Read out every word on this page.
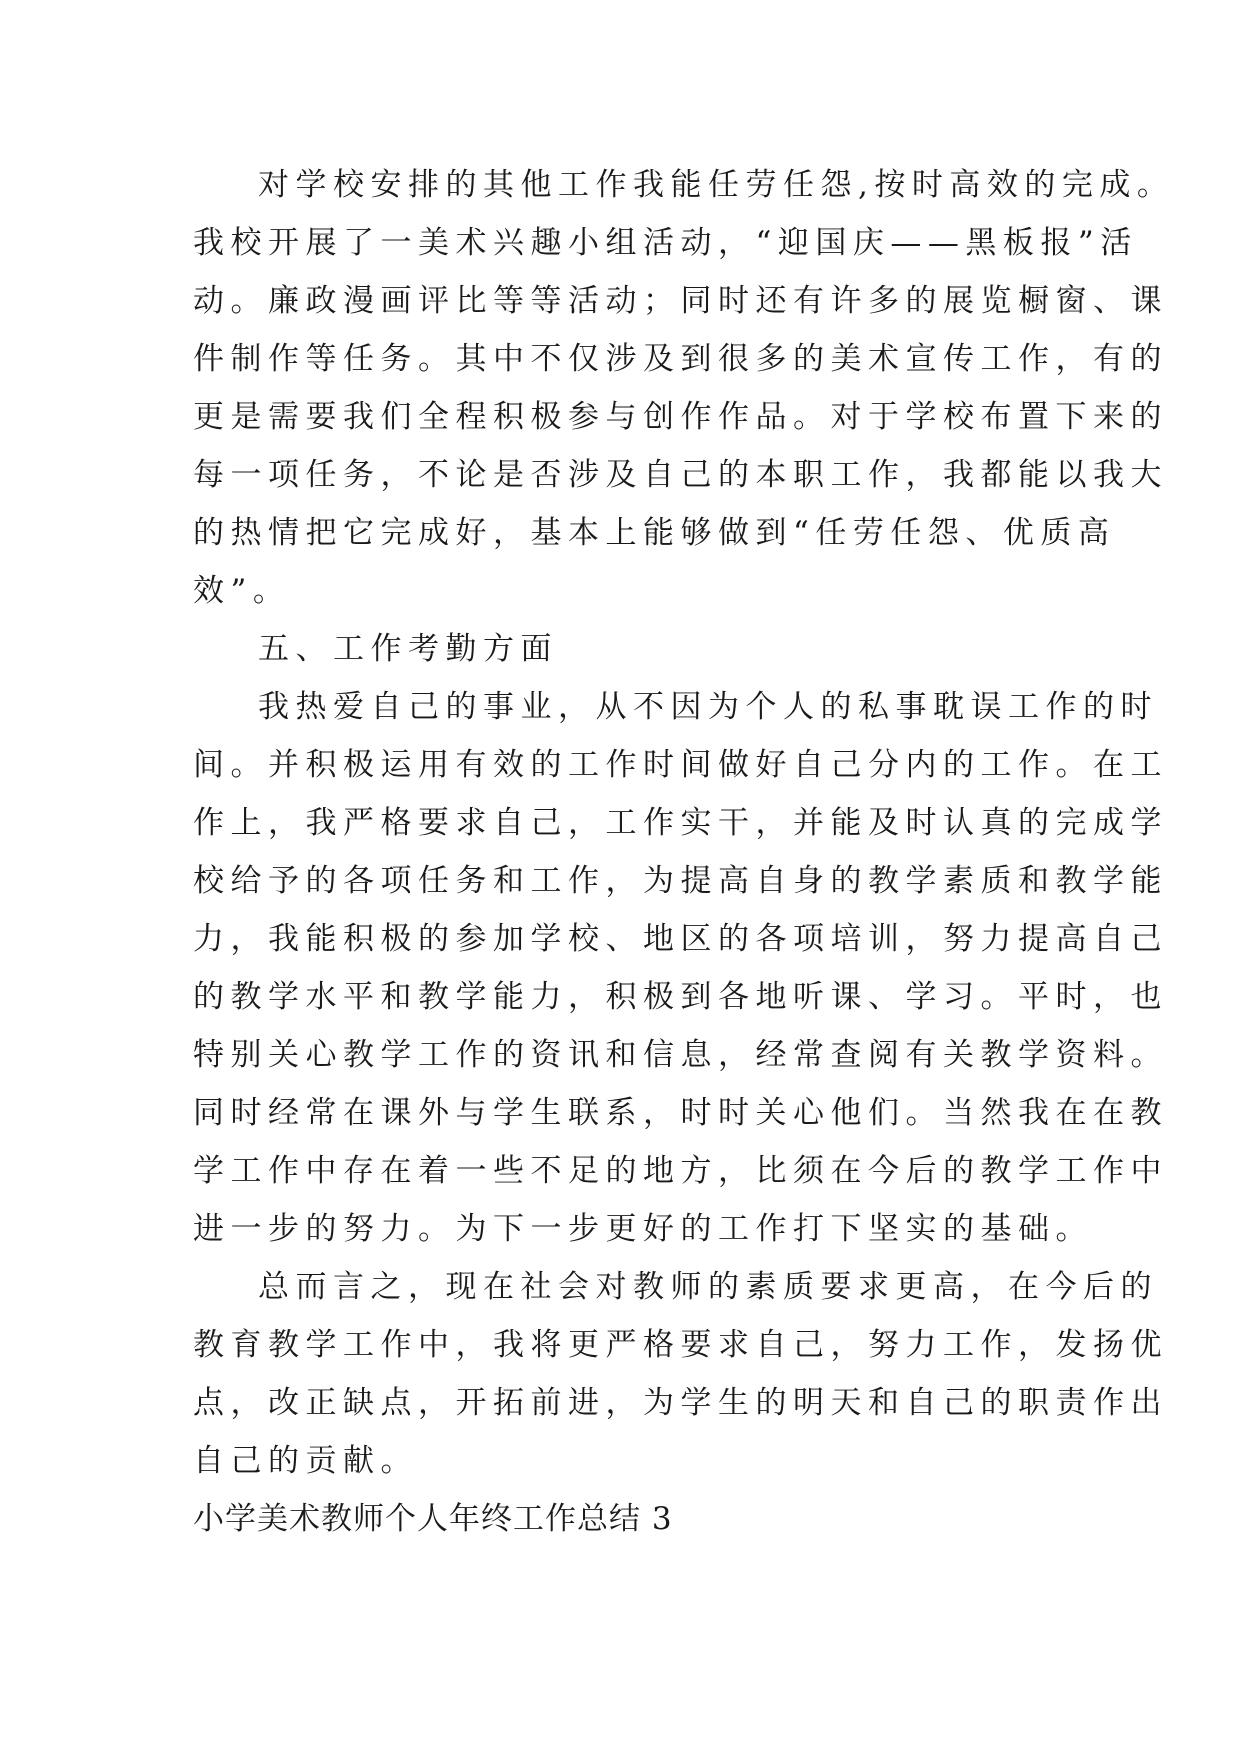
对学校安排的其他工作我能任劳任怨,按时高效的完成。
我校开展了一美术兴趣小组活动，“迎国庆——黑板报”活
动。廉政漫画评比等等活动；同时还有许多的展览橱窗、课
件制作等任务。其中不仅涉及到很多的美术宣传工作，有的
更是需要我们全程积极参与创作作品。对于学校布置下来的
每一项任务，不论是否涉及自己的本职工作，我都能以我大
的热情把它完成好，基本上能够做到“任劳任怨、优质高
效”。
五、工作考勤方面
我热爱自己的事业，从不因为个人的私事耽误工作的时
间。并积极运用有效的工作时间做好自己分内的工作。在工
作上，我严格要求自己，工作实干，并能及时认真的完成学
校给予的各项任务和工作，为提高自身的教学素质和教学能
力，我能积极的参加学校、地区的各项培训，努力提高自己
的教学水平和教学能力，积极到各地听课、学习。平时，也
特别关心教学工作的资讯和信息，经常查阅有关教学资料。
同时经常在课外与学生联系，时时关心他们。当然我在在教
学工作中存在着一些不足的地方，比须在今后的教学工作中
进一步的努力。为下一步更好的工作打下坚实的基础。
总而言之，现在社会对教师的素质要求更高，在今后的
教育教学工作中，我将更严格要求自己，努力工作，发扬优
点，改正缺点，开拓前进，为学生的明天和自己的职责作出
自己的贡献。
小学美术教师个人年终工作总结 3
